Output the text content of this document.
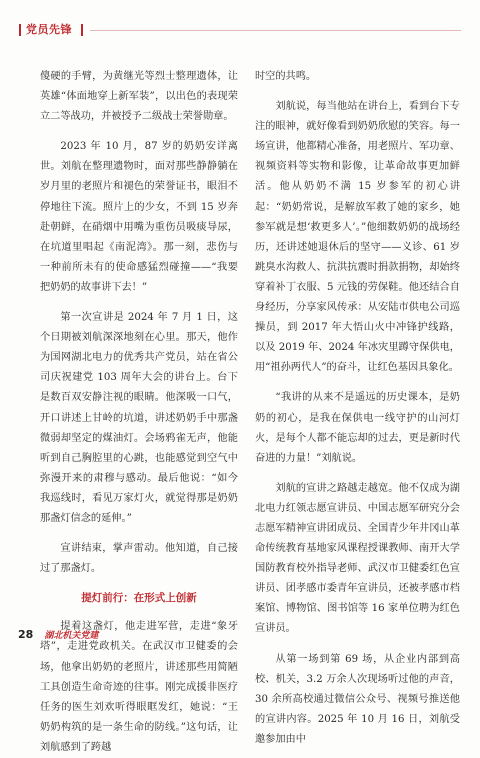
党员先锋

傻硬的手臂，为黄继光等烈士整理遗体，让英雄“体面地穿上新军装”，以出色的表现荣立二等战功，并被授予二级战士荣誉勋章。

2023 年 10 月，87 岁的奶奶安详离世。刘航在整理遗物时，面对那些静静躺在岁月里的老照片和褪色的荣誉证书，眼泪不停地往下流。照片上的少女，不到 15 岁奔赴朝鲜，在硝烟中用嘴为重伤员吸痰导尿，在坑道里唱起《南泥湾》。那一刻，悲伤与一种前所未有的使命感猛烈碰撞——“我要把奶奶的故事讲下去！”

第一次宣讲是 2024 年 7 月 1 日，这个日期被刘航深深地刻在心里。那天，他作为国网湖北电力的优秀共产党员，站在省公司庆祝建党 103 周年大会的讲台上。台下是数百双安静注视的眼睛。他深吸一口气，开口讲述上甘岭的坑道，讲述奶奶手中那盏微弱却坚定的煤油灯。会场鸦雀无声，他能听到自己胸腔里的心跳，也能感觉到空气中弥漫开来的肃穆与感动。最后他说：“如今我巡线时，看见万家灯火，就觉得那是奶奶那盏灯信念的延伸。”

宣讲结束，掌声雷动。他知道，自己接过了那盏灯。

提灯前行：在形式上创新

提着这盏灯，他走进军营，走进“象牙塔”，走进党政机关。在武汉市卫健委的会场，他拿出奶奶的老照片，讲述那些用简陋工具创造生命奇迹的往事。刚完成援非医疗任务的医生刘欢听得眼眶发红，她说：“王奶奶构筑的是一条生命的防线。”这句话，让刘航感到了跨越

时空的共鸣。

刘航说，每当他站在讲台上，看到台下专注的眼神，就好像看到奶奶欣慰的笑容。每一场宣讲，他都精心准备，用老照片、军功章、视频资料等实物和影像，让革命故事更加鲜活。他从奶奶不满 15 岁参军的初心讲起：“奶奶常说，是解放军救了她的家乡，她参军就是想‘救更多人’。”他细数奶奶的战场经历，还讲述她退休后的坚守——义诊、61 岁跳臭水沟救人、抗洪抗震时捐款捐物，却始终穿着补丁衣服、5 元钱的劳保鞋。他还结合自身经历，分享家风传承：从安陆市供电公司巡操员，到 2017 年大悟山火中冲锋护线路，以及 2019 年、2024 年冰灾里蹲守保供电，用“祖孙两代人”的奋斗，让红色基因具象化。

“我讲的从来不是遥远的历史课本，是奶奶的初心，是我在保供电一线守护的山河灯火，是每个人都不能忘却的过去，更是新时代奋进的力量！”刘航说。

刘航的宣讲之路越走越宽。他不仅成为湖北电力红领志愿宣讲员、中国志愿军研究分会志愿军精神宣讲团成员、全国青少年井冈山革命传统教育基地家风课程授课教师、南开大学国防教育校外指导老师、武汉市卫健委红色宣讲员、团孝感市委青年宣讲员，还被孝感市档案馆、博物馆、图书馆等 16 家单位聘为红色宣讲员。

从第一场到第 69 场，从企业内部到高校、机关，3.2 万余人次现场听过他的声音，30 余所高校通过微信公众号、视频号推送他的宣讲内容。2025 年 10 月 16 日，刘航受邀参加由中

28 湖北机关党建
